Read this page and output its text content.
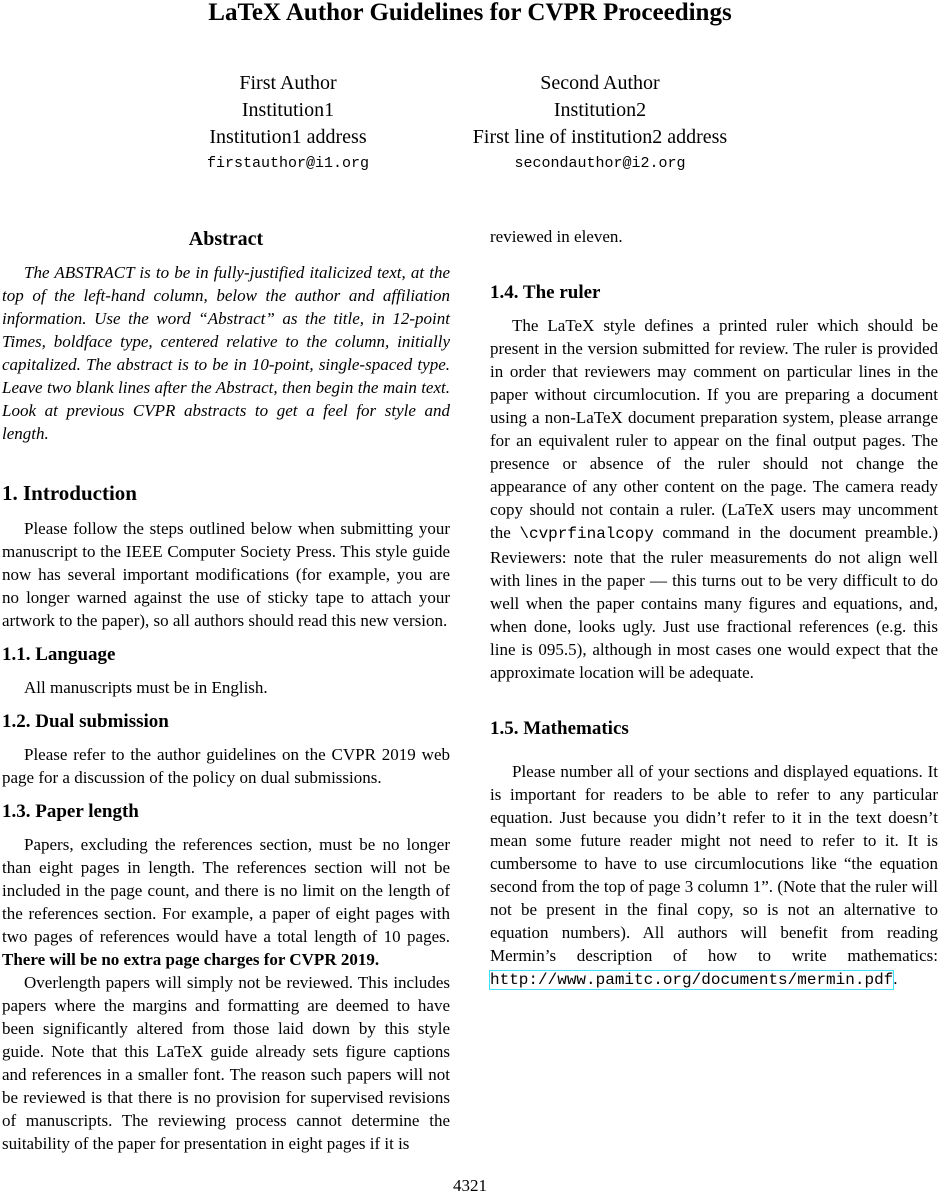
LaTeX Author Guidelines for CVPR Proceedings
First Author
Institution1
Institution1 address
firstauthor@i1.org
Second Author
Institution2
First line of institution2 address
secondauthor@i2.org
Abstract

The ABSTRACT is to be in fully-justified italicized text, at the top of the left-hand column, below the author and affiliation information. Use the word “Abstract” as the title, in 12-point Times, boldface type, centered relative to the column, initially capitalized. The abstract is to be in 10-point, single-spaced type. Leave two blank lines after the Abstract, then begin the main text. Look at previous CVPR abstracts to get a feel for style and length.

1. Introduction

Please follow the steps outlined below when submitting your manuscript to the IEEE Computer Society Press. This style guide now has several important modifications (for example, you are no longer warned against the use of sticky tape to attach your artwork to the paper), so all authors should read this new version.

1.1. Language

All manuscripts must be in English.

1.2. Dual submission

Please refer to the author guidelines on the CVPR 2019 web page for a discussion of the policy on dual submissions.

1.3. Paper length

Papers, excluding the references section, must be no longer than eight pages in length. The references section will not be included in the page count, and there is no limit on the length of the references section. For example, a paper of eight pages with two pages of references would have a total length of 10 pages. There will be no extra page charges for CVPR 2019.

Overlength papers will simply not be reviewed. This includes papers where the margins and formatting are deemed to have been significantly altered from those laid down by this style guide. Note that this LaTeX guide already sets figure captions and references in a smaller font. The reason such papers will not be reviewed is that there is no provision for supervised revisions of manuscripts. The reviewing process cannot determine the suitability of the paper for presentation in eight pages if it is

reviewed in eleven.

1.4. The ruler

The LaTeX style defines a printed ruler which should be present in the version submitted for review. The ruler is provided in order that reviewers may comment on particular lines in the paper without circumlocution. If you are preparing a document using a non-LaTeX document preparation system, please arrange for an equivalent ruler to appear on the final output pages. The presence or absence of the ruler should not change the appearance of any other content on the page. The camera ready copy should not contain a ruler. (LaTeX users may uncomment the \cvprfinalcopy command in the document preamble.) Reviewers: note that the ruler measurements do not align well with lines in the paper — this turns out to be very difficult to do well when the paper contains many figures and equations, and, when done, looks ugly. Just use fractional references (e.g. this line is 095.5), although in most cases one would expect that the approximate location will be adequate.

1.5. Mathematics

Please number all of your sections and displayed equations. It is important for readers to be able to refer to any particular equation. Just because you didn’t refer to it in the text doesn’t mean some future reader might not need to refer to it. It is cumbersome to have to use circumlocutions like “the equation second from the top of page 3 column 1”. (Note that the ruler will not be present in the final copy, so is not an alternative to equation numbers). All authors will benefit from reading Mermin’s description of how to write mathematics: http://www.pamitc.org/documents/mermin.pdf.

4321
